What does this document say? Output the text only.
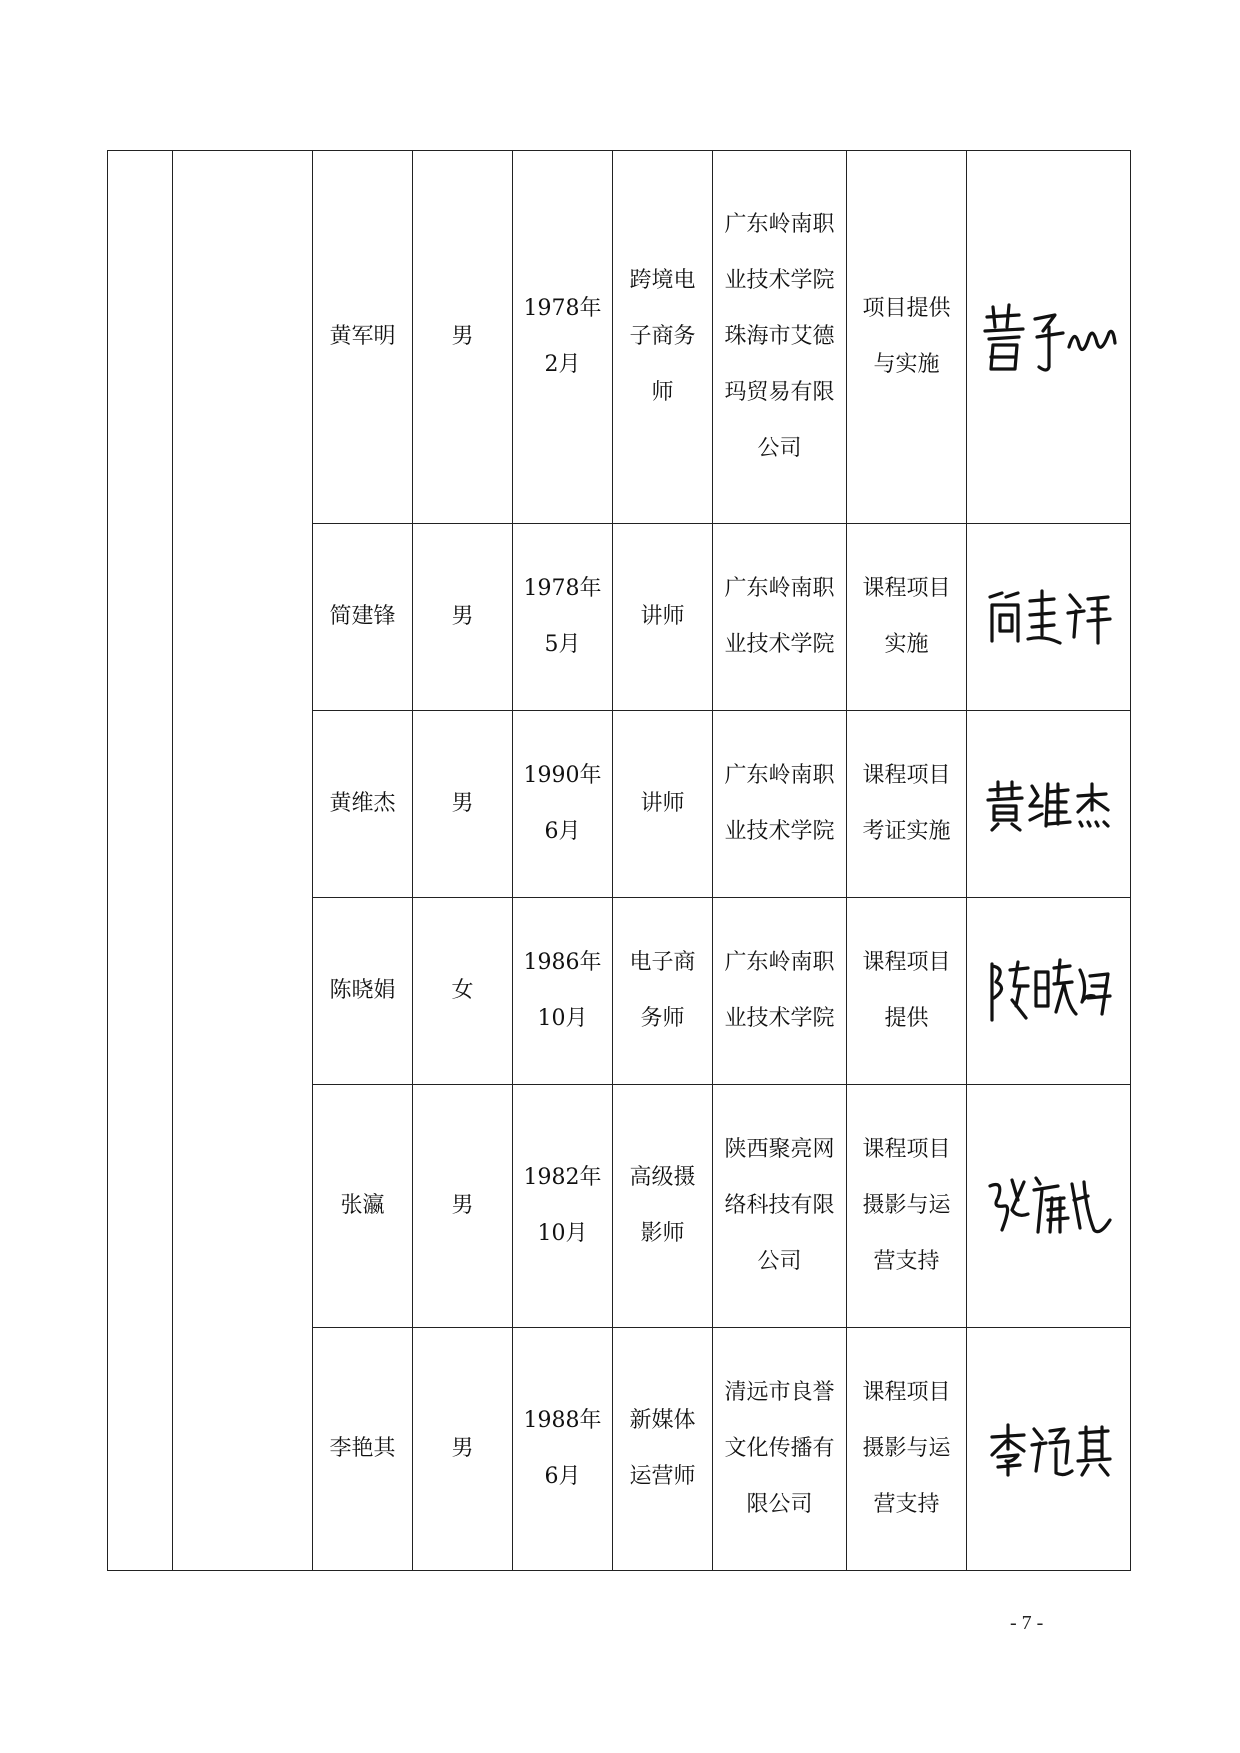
		黄军明	男	1978年2月	跨境电子商务师	广东岭南职业技术学院 珠海市艾德玛贸易有限公司	项目提供与实施	

		简建锋	男	1978年5月	讲师	广东岭南职业技术学院	课程项目实施	

		黄维杰	男	1990年6月	讲师	广东岭南职业技术学院	课程项目考证实施	

		陈晓娟	女	1986年10月	电子商务师	广东岭南职业技术学院	课程项目提供	

		张瀛	男	1982年10月	高级摄影师	陕西聚亮网络科技有限公司	课程项目摄影与运营支持	

		李艳其	男	1988年6月	新媒体运营师	清远市良誉文化传播有限公司	课程项目摄影与运营支持	
- 7 -
